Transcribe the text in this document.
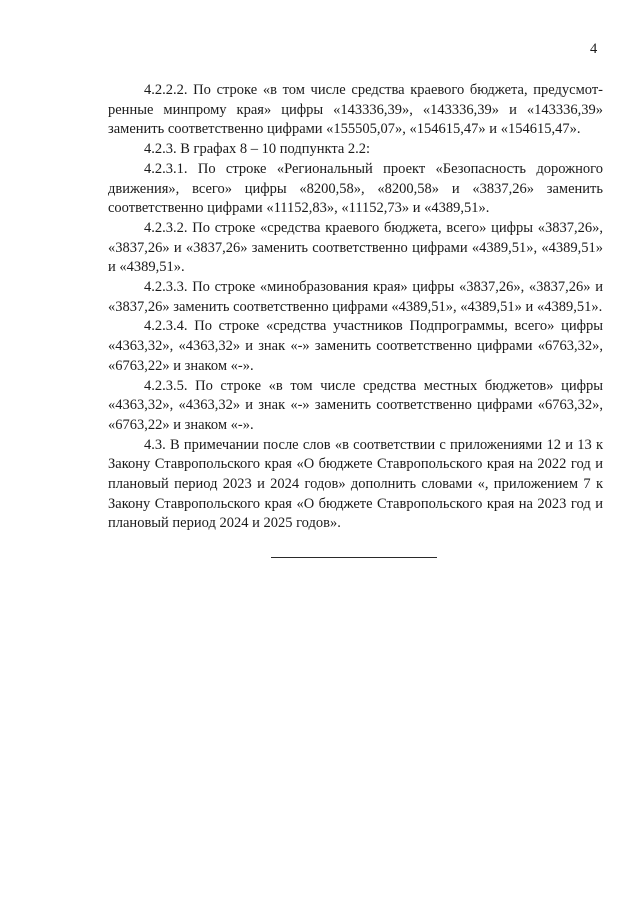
4

4.2.2.2. По строке «в том числе средства краевого бюджета, предусмот-ренные минпрому края» цифры «143336,39», «143336,39» и «143336,39» заменить соответственно цифрами «155505,07», «154615,47» и «154615,47».

4.2.3. В графах 8 – 10 подпункта 2.2:

4.2.3.1. По строке «Региональный проект «Безопасность дорожного движения», всего» цифры «8200,58», «8200,58» и «3837,26» заменить соответственно цифрами «11152,83», «11152,73» и «4389,51».

4.2.3.2. По строке «средства краевого бюджета, всего» цифры «3837,26», «3837,26» и «3837,26» заменить соответственно цифрами «4389,51», «4389,51» и «4389,51».

4.2.3.3. По строке «минобразования края» цифры «3837,26», «3837,26» и «3837,26» заменить соответственно цифрами «4389,51», «4389,51» и «4389,51».

4.2.3.4. По строке «средства участников Подпрограммы, всего» цифры «4363,32», «4363,32» и знак «-» заменить соответственно цифрами «6763,32», «6763,22» и знаком «-».

4.2.3.5. По строке «в том числе средства местных бюджетов» цифры «4363,32», «4363,32» и знак «-» заменить соответственно цифрами «6763,32», «6763,22» и знаком «-».

4.3. В примечании после слов «в соответствии с приложениями 12 и 13 к Закону Ставропольского края «О бюджете Ставропольского края на 2022 год и плановый период 2023 и 2024 годов» дополнить словами «, приложением 7 к Закону Ставропольского края «О бюджете Ставропольского края на 2023 год и плановый период 2024 и 2025 годов».
